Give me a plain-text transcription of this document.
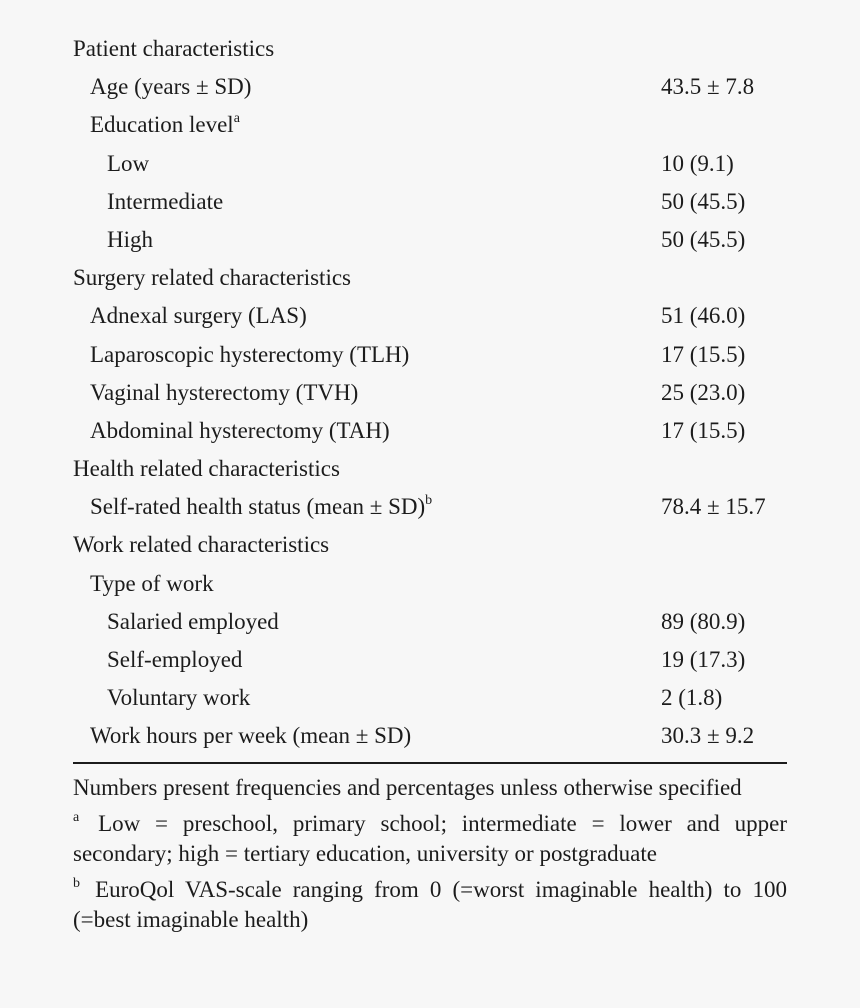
Patient characteristics
Age (years ± SD)	43.5 ± 7.8
Education level$^a$
Low	10 (9.1)
Intermediate	50 (45.5)
High	50 (45.5)
Surgery related characteristics
Adnexal surgery (LAS)	51 (46.0)
Laparoscopic hysterectomy (TLH)	17 (15.5)
Vaginal hysterectomy (TVH)	25 (23.0)
Abdominal hysterectomy (TAH)	17 (15.5)
Health related characteristics
Self-rated health status (mean ± SD)$^b$	78.4 ± 15.7
Work related characteristics
Type of work
Salaried employed	89 (80.9)
Self-employed	19 (17.3)
Voluntary work	2 (1.8)
Work hours per week (mean ± SD)	30.3 ± 9.2
Numbers present frequencies and percentages unless otherwise specified
$^a$ Low = preschool, primary school; intermediate = lower and upper secondary; high = tertiary education, university or postgraduate
$^b$ EuroQol VAS-scale ranging from 0 (=worst imaginable health) to 100 (=best imaginable health)
